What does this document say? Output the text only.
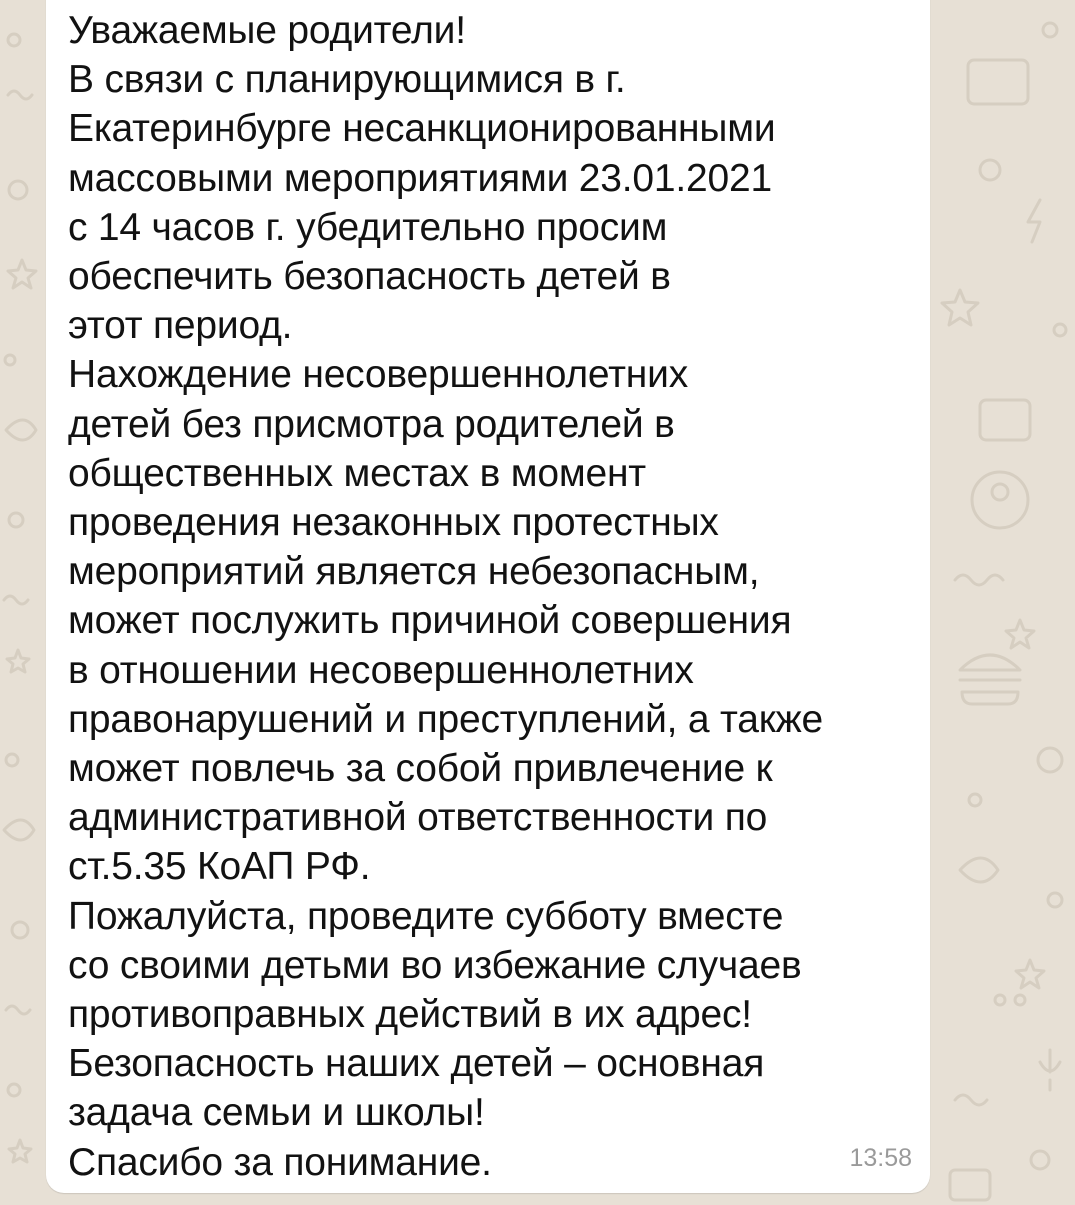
Уважаемые родители!
В связи с планирующимися в г.
Екатеринбурге несанкционированными
массовыми мероприятиями 23.01.2021
с 14 часов г. убедительно просим
обеспечить безопасность детей в
этот период.
Нахождение несовершеннолетних
детей без присмотра родителей в
общественных местах в момент
проведения незаконных протестных
мероприятий является небезопасным,
может послужить причиной совершения
в отношении несовершеннолетних
правонарушений и преступлений, а также
может повлечь за собой привлечение к
административной ответственности по
ст.5.35 КоАП РФ.
Пожалуйста, проведите субботу вместе
со своими детьми во избежание случаев
противоправных действий в их адрес!
Безопасность наших детей – основная
задача семьи и школы!
Спасибо за понимание.	13:58
